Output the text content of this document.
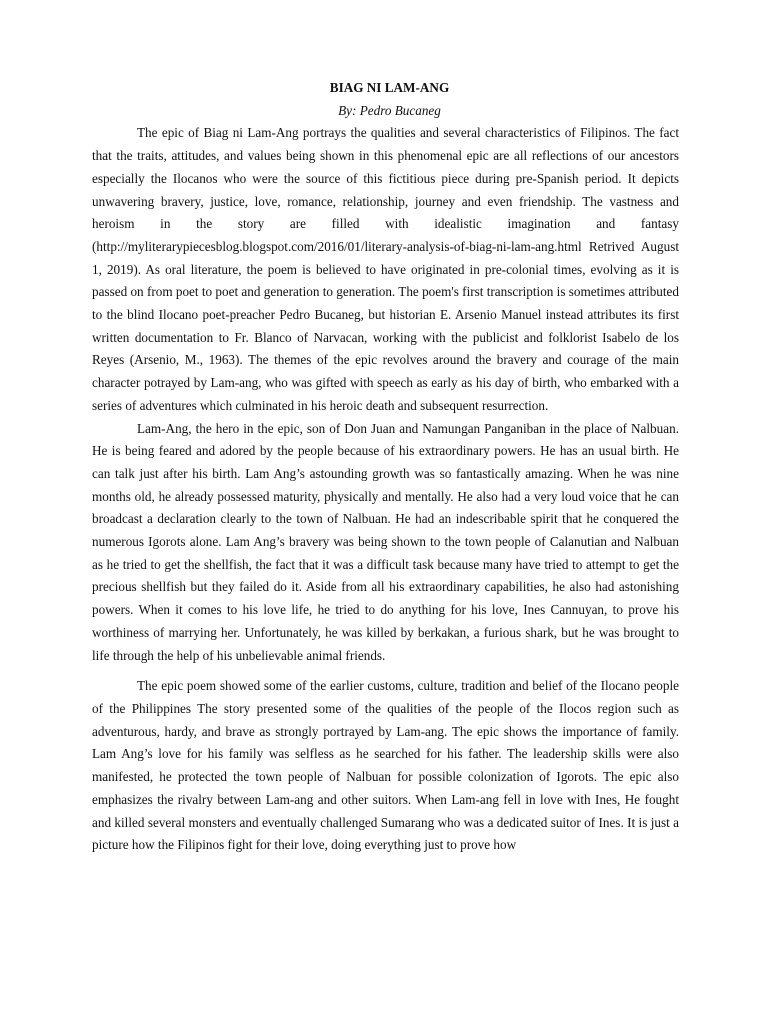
BIAG NI LAM-ANG

By: Pedro Bucaneg

The epic of Biag ni Lam-Ang portrays the qualities and several characteristics of Filipinos. The fact that the traits, attitudes, and values being shown in this phenomenal epic are all reflections of our ancestors especially the Ilocanos who were the source of this fictitious piece during pre-Spanish period. It depicts unwavering bravery, justice, love, romance, relationship, journey and even friendship. The vastness and heroism in the story are filled with idealistic imagination and fantasy (http://myliterarypiecesblog.blogspot.com/2016/01/literary-analysis-of-biag-ni-lam-ang.html Retrived August 1, 2019). As oral literature, the poem is believed to have originated in pre-colonial times, evolving as it is passed on from poet to poet and generation to generation. The poem's first transcription is sometimes attributed to the blind Ilocano poet-preacher Pedro Bucaneg, but historian E. Arsenio Manuel instead attributes its first written documentation to Fr. Blanco of Narvacan, working with the publicist and folklorist Isabelo de los Reyes (Arsenio, M., 1963). The themes of the epic revolves around the bravery and courage of the main character potrayed by Lam-ang, who was gifted with speech as early as his day of birth, who embarked with a series of adventures which culminated in his heroic death and subsequent resurrection.

Lam-Ang, the hero in the epic, son of Don Juan and Namungan Panganiban in the place of Nalbuan. He is being feared and adored by the people because of his extraordinary powers. He has an usual birth. He can talk just after his birth. Lam Ang’s astounding growth was so fantastically amazing. When he was nine months old, he already possessed maturity, physically and mentally. He also had a very loud voice that he can broadcast a declaration clearly to the town of Nalbuan. He had an indescribable spirit that he conquered the numerous Igorots alone. Lam Ang’s bravery was being shown to the town people of Calanutian and Nalbuan as he tried to get the shellfish, the fact that it was a difficult task because many have tried to attempt to get the precious shellfish but they failed do it. Aside from all his extraordinary capabilities, he also had astonishing powers. When it comes to his love life, he tried to do anything for his love, Ines Cannuyan, to prove his worthiness of marrying her. Unfortunately, he was killed by berkakan, a furious shark, but he was brought to life through the help of his unbelievable animal friends.

The epic poem showed some of the earlier customs, culture, tradition and belief of the Ilocano people of the Philippines The story presented some of the qualities of the people of the Ilocos region such as adventurous, hardy, and brave as strongly portrayed by Lam-ang. The epic shows the importance of family. Lam Ang’s love for his family was selfless as he searched for his father. The leadership skills were also manifested, he protected the town people of Nalbuan for possible colonization of Igorots. The epic also emphasizes the rivalry between Lam-ang and other suitors. When Lam-ang fell in love with Ines, He fought and killed several monsters and eventually challenged Sumarang who was a dedicated suitor of Ines. It is just a picture how the Filipinos fight for their love, doing everything just to prove how
